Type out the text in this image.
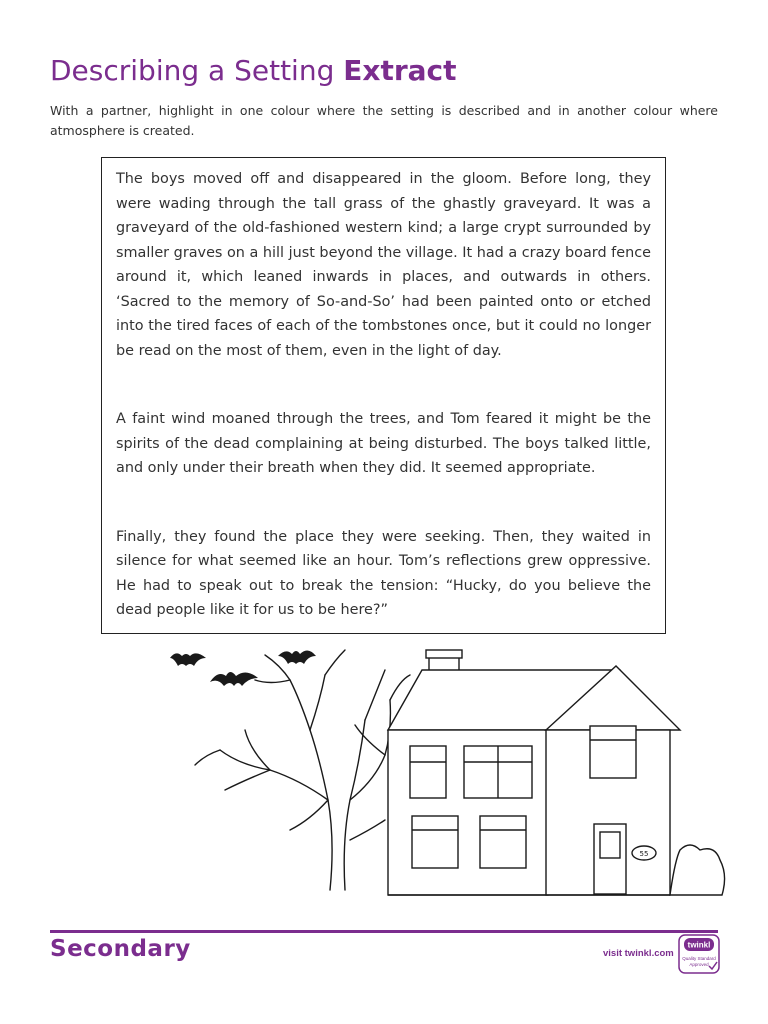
Describing a Setting Extract
With a partner, highlight in one colour where the setting is described and in another colour where atmosphere is created.

The boys moved off and disappeared in the gloom. Before long, they were wading through the tall grass of the ghastly graveyard. It was a graveyard of the old-fashioned western kind; a large crypt surrounded by smaller graves on a hill just beyond the village. It had a crazy board fence around it, which leaned inwards in places, and outwards in others. ‘Sacred to the memory of So-and-So’ had been painted onto or etched into the tired faces of each of the tombstones once, but it could no longer be read on the most of them, even in the light of day.

A faint wind moaned through the trees, and Tom feared it might be the spirits of the dead complaining at being disturbed. The boys talked little, and only under their breath when they did. It seemed appropriate.

Finally, they found the place they were seeking. Then, they waited in silence for what seemed like an hour. Tom’s reflections grew oppressive. He had to speak out to break the tension: “Hucky, do you believe the dead people like it for us to be here?”

55
Secondary	visit twinkl.com
twinkl
Quality Standard
Approved
